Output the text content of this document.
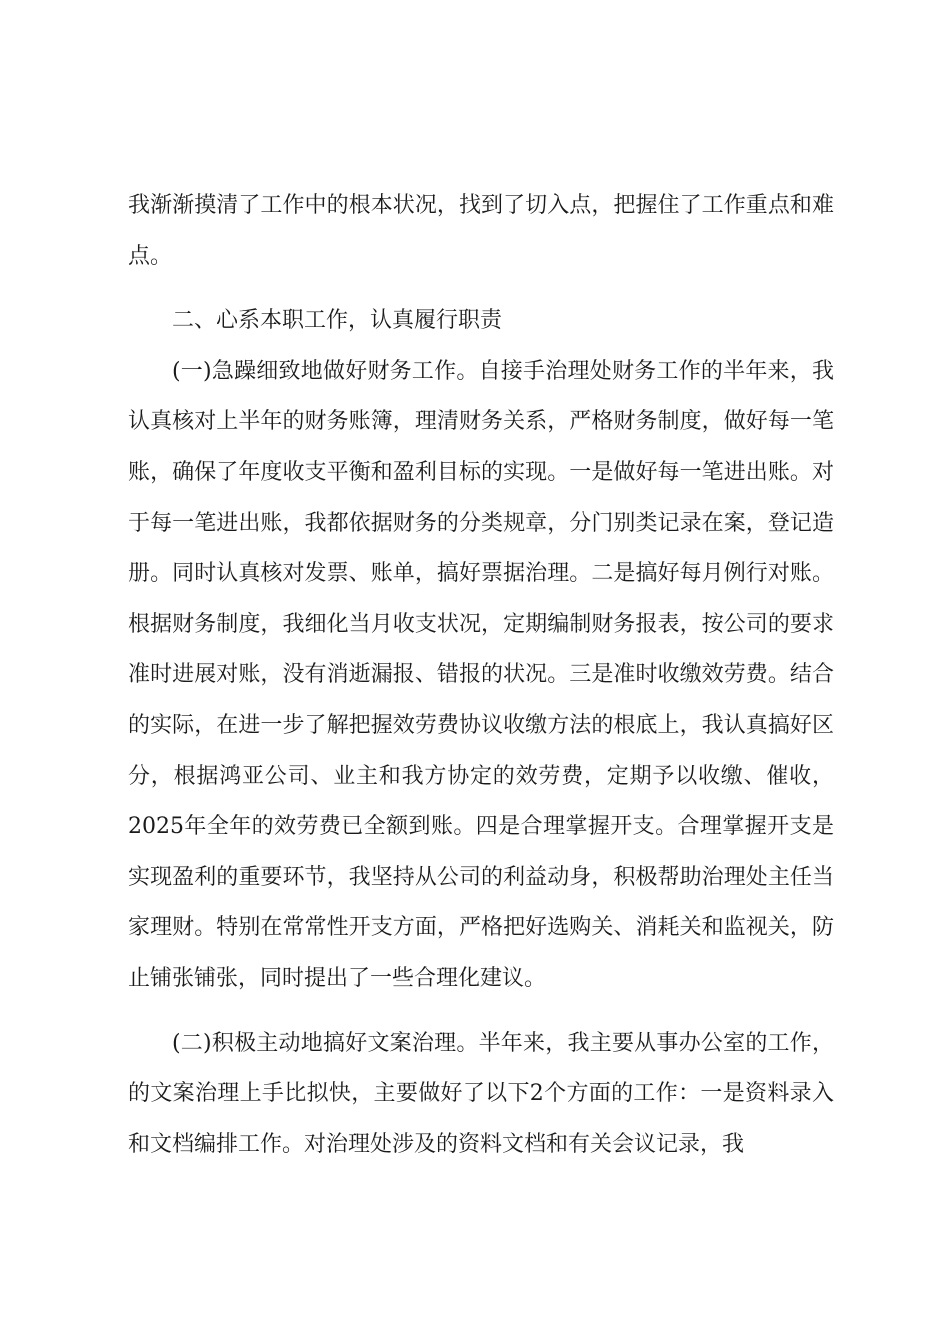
我渐渐摸清了工作中的根本状况，找到了切入点，把握住了工作重点和难点。

二、心系本职工作，认真履行职责

(一)急躁细致地做好财务工作。自接手治理处财务工作的半年来，我认真核对上半年的财务账簿，理清财务关系，严格财务制度，做好每一笔账，确保了年度收支平衡和盈利目标的实现。一是做好每一笔进出账。对于每一笔进出账，我都依据财务的分类规章，分门别类记录在案，登记造册。同时认真核对发票、账单，搞好票据治理。二是搞好每月例行对账。根据财务制度，我细化当月收支状况，定期编制财务报表，按公司的要求准时进展对账，没有消逝漏报、错报的状况。三是准时收缴效劳费。结合的实际，在进一步了解把握效劳费协议收缴方法的根底上，我认真搞好区分，根据鸿亚公司、业主和我方协定的效劳费，定期予以收缴、催收，2025年全年的效劳费已全额到账。四是合理掌握开支。合理掌握开支是实现盈利的重要环节，我坚持从公司的利益动身，积极帮助治理处主任当家理财。特别在常常性开支方面，严格把好选购关、消耗关和监视关，防止铺张铺张，同时提出了一些合理化建议。

(二)积极主动地搞好文案治理。半年来，我主要从事办公室的工作，的文案治理上手比拟快，主要做好了以下2个方面的工作：一是资料录入和文档编排工作。对治理处涉及的资料文档和有关会议记录，我
